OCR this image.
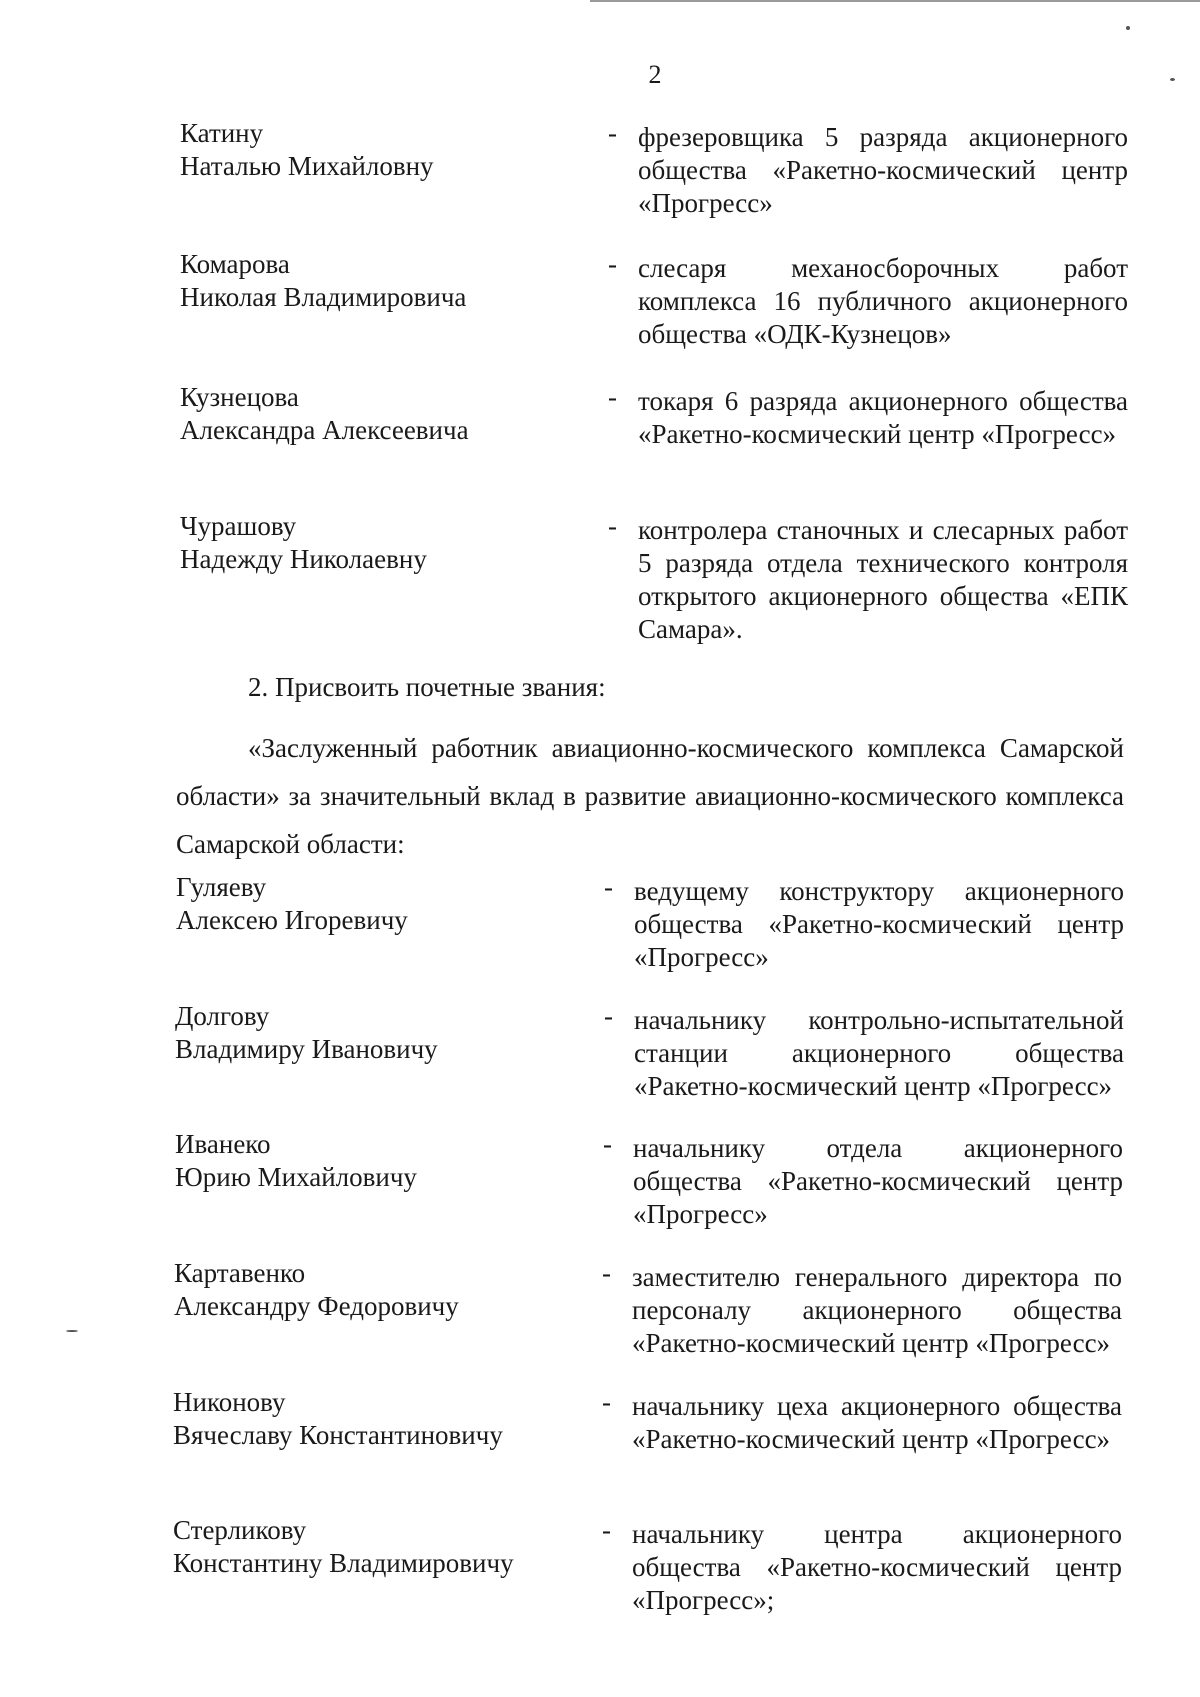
2
Катину
Наталью Михайловну
- фрезеровщика 5 разряда акционерного общества «Ракетно-космический центр «Прогресс»
Комарова
Николая Владимировича
- слесаря механосборочных работ комплекса 16 публичного акционерного общества «ОДК-Кузнецов»
Кузнецова
Александра Алексеевича
- токаря 6 разряда акционерного общества «Ракетно-космический центр «Прогресс»
Чурашову
Надежду Николаевну
- контролера станочных и слесарных работ 5 разряда отдела технического контроля открытого акционерного общества «ЕПК Самара».
2. Присвоить почетные звания:
«Заслуженный работник авиационно-космического комплекса Самарской области» за значительный вклад в развитие авиационно-космического комплекса Самарской области:
Гуляеву
Алексею Игоревичу
- ведущему конструктору акционерного общества «Ракетно-космический центр «Прогресс»
Долгову
Владимиру Ивановичу
- начальнику контрольно-испытательной станции акционерного общества «Ракетно-космический центр «Прогресс»
Иванеко
Юрию Михайловичу
- начальнику отдела акционерного общества «Ракетно-космический центр «Прогресс»
Картавенко
Александру Федоровичу
- заместителю генерального директора по персоналу акционерного общества «Ракетно-космический центр «Прогресс»
Никонову
Вячеславу Константиновичу
- начальнику цеха акционерного общества «Ракетно-космический центр «Прогресс»
Стерликову
Константину Владимировичу
- начальнику центра акционерного общества «Ракетно-космический центр «Прогресс»;
